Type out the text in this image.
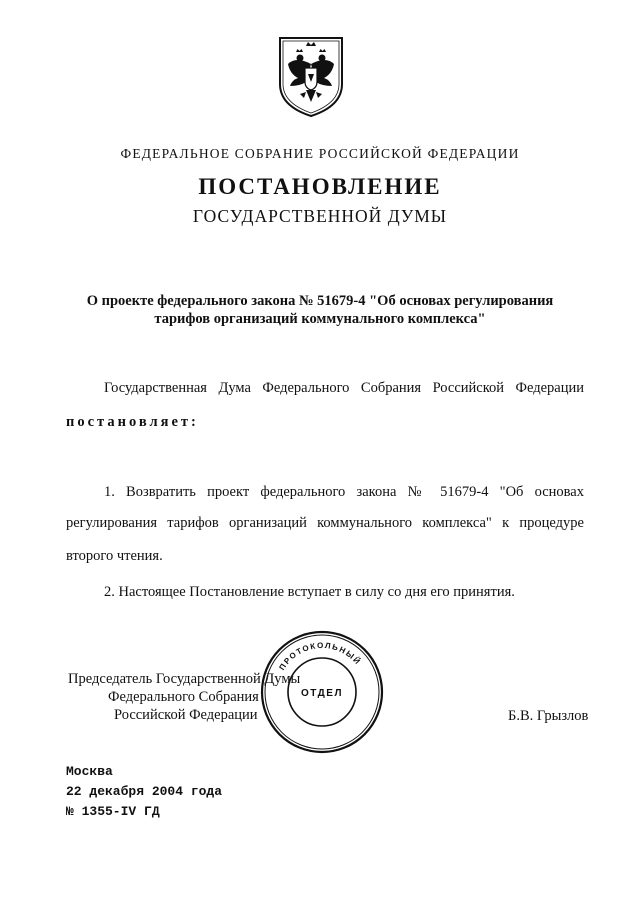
ФЕДЕРАЛЬНОЕ СОБРАНИЕ РОССИЙСКОЙ ФЕДЕРАЦИИ
ПОСТАНОВЛЕНИЕ
ГОСУДАРСТВЕННОЙ ДУМЫ
О проекте федерального закона № 51679-4 "Об основах регулирования
тарифов организаций коммунального комплекса"
Государственная Дума Федерального Собрания Российской Федерации
постановляет:
1. Возвратить проект федерального закона № 51679-4 "Об основах
регулирования тарифов организаций коммунального комплекса" к процедуре
второго чтения.
2. Настоящее Постановление вступает в силу со дня его принятия.
Председатель Государственной Думы
Федерального Собрания
Российской Федерации
ПРОТОКОЛЬНЫЙ
ОТДЕЛ
Б.В. Грызлов
Москва
22 декабря 2004 года
№ 1355-IV ГД
